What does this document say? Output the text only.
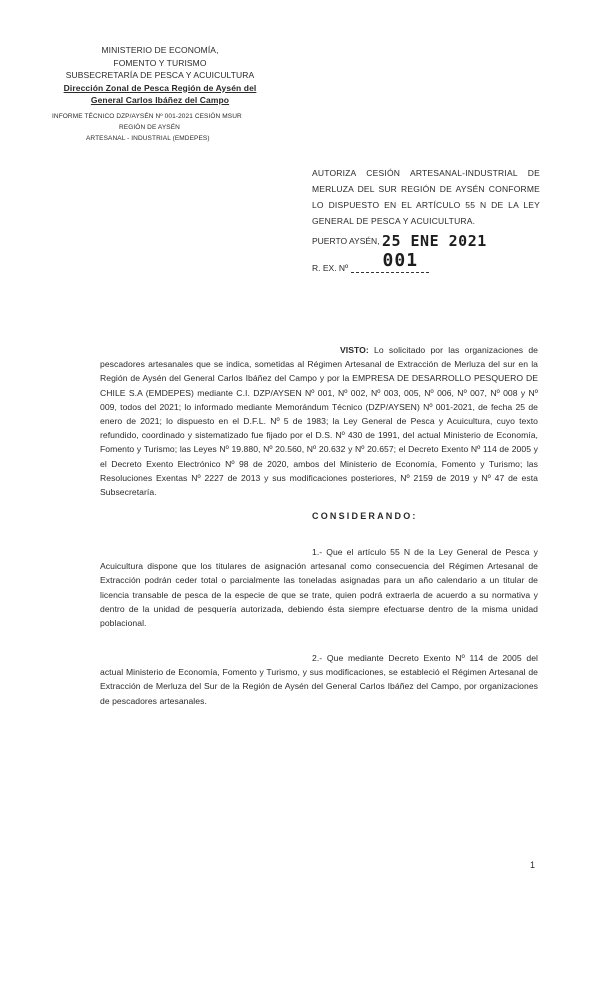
MINISTERIO DE ECONOMÍA,
FOMENTO Y TURISMO
SUBSECRETARÍA DE PESCA Y ACUICULTURA
Dirección Zonal de Pesca Región de Aysén del
General Carlos Ibáñez del Campo
INFORME TÉCNICO DZP/AYSÉN Nº 001-2021 CESIÓN MSUR
REGIÓN DE AYSÉN
ARTESANAL - INDUSTRIAL (EMDEPES)
AUTORIZA CESIÓN ARTESANAL-INDUSTRIAL DE MERLUZA DEL SUR REGIÓN DE AYSÉN CONFORME LO DISPUESTO EN EL ARTÍCULO 55 N DE LA LEY GENERAL DE PESCA Y ACUICULTURA.
PUERTO AYSÉN, 25 ENE 2021
R. EX. Nº 001
VISTO: Lo solicitado por las organizaciones de pescadores artesanales que se indica, sometidas al Régimen Artesanal de Extracción de Merluza del sur en la Región de Aysén del General Carlos Ibáñez del Campo y por la EMPRESA DE DESARROLLO PESQUERO DE CHILE S.A (EMDEPES) mediante C.I. DZP/AYSEN Nº 001, Nº 002, Nº 003, 005, Nº 006, Nº 007, Nº 008 y Nº 009, todos del 2021; lo informado mediante Memorándum Técnico (DZP/AYSEN) Nº 001-2021, de fecha 25 de enero de 2021; lo dispuesto en el D.F.L. Nº 5 de 1983; la Ley General de Pesca y Acuicultura, cuyo texto refundido, coordinado y sistematizado fue fijado por el D.S. Nº 430 de 1991, del actual Ministerio de Economía, Fomento y Turismo; las Leyes Nº 19.880, Nº 20.560, Nº 20.632 y Nº 20.657; el Decreto Exento Nº 114 de 2005 y el Decreto Exento Electrónico Nº 98 de 2020, ambos del Ministerio de Economía, Fomento y Turismo; las Resoluciones Exentas Nº 2227 de 2013 y sus modificaciones posteriores, Nº 2159 de 2019 y Nº 47 de esta Subsecretaría.
CONSIDERANDO:
1.- Que el artículo 55 N de la Ley General de Pesca y Acuicultura dispone que los titulares de asignación artesanal como consecuencia del Régimen Artesanal de Extracción podrán ceder total o parcialmente las toneladas asignadas para un año calendario a un titular de licencia transable de pesca de la especie de que se trate, quien podrá extraerla de acuerdo a su normativa y dentro de la unidad de pesquería autorizada, debiendo ésta siempre efectuarse dentro de la misma unidad poblacional.
2.- Que mediante Decreto Exento Nº 114 de 2005 del actual Ministerio de Economía, Fomento y Turismo, y sus modificaciones, se estableció el Régimen Artesanal de Extracción de Merluza del Sur de la Región de Aysén del General Carlos Ibáñez del Campo, por organizaciones de pescadores artesanales.
1
